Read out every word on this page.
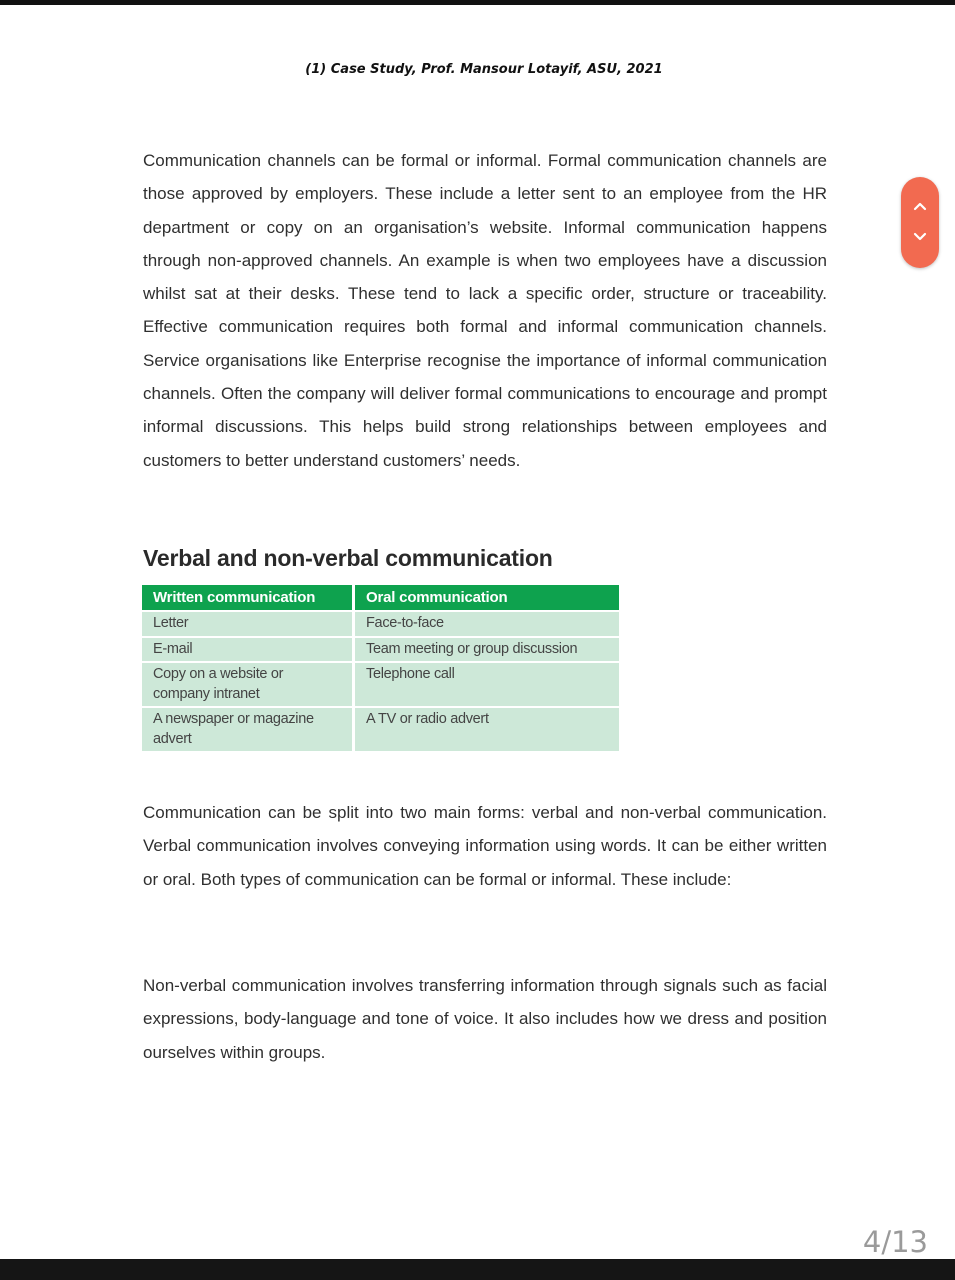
(1) Case Study, Prof. Mansour Lotayif, ASU, 2021

Communication channels can be formal or informal. Formal communication channels are those approved by employers. These include a letter sent to an employee from the HR department or copy on an organisation’s website. Informal communication happens through non-approved channels. An example is when two employees have a discussion whilst sat at their desks. These tend to lack a specific order, structure or traceability. Effective communication requires both formal and informal communication channels. Service organisations like Enterprise recognise the importance of informal communication channels. Often the company will deliver formal communications to encourage and prompt informal discussions. This helps build strong relationships between employees and customers to better understand customers’ needs.

Verbal and non-verbal communication
Written communication	Oral communication
Letter	Face-to-face
E-mail	Team meeting or group discussion
Copy on a website or company intranet	Telephone call
A newspaper or magazine advert	A TV or radio advert

Communication can be split into two main forms: verbal and non-verbal communication. Verbal communication involves conveying information using words. It can be either written or oral. Both types of communication can be formal or informal. These include:

Non-verbal communication involves transferring information through signals such as facial expressions, body-language and tone of voice. It also includes how we dress and position ourselves within groups.

4/13
